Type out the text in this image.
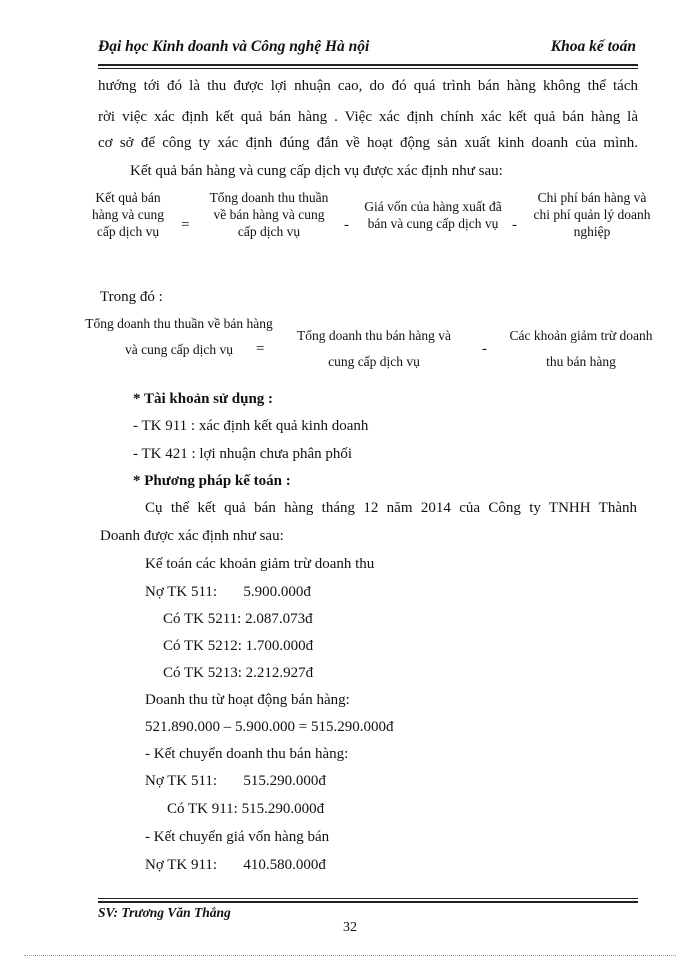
Đại học Kinh doanh và Công nghệ Hà nội	Khoa kế toán
hướng tới đó là thu được lợi nhuận cao, do đó quá trình bán hàng không thể tách
rời việc xác định kết quả bán hàng . Việc xác định chính xác kết quả bán hàng là
cơ sở để công ty xác định đúng đắn về hoạt động sản xuất kinh doanh của mình.
Kết quả bán hàng và cung cấp dịch vụ được xác định như sau:
Kết quả bán hàng và cung cấp dịch vụ	=
Tổng doanh thu thuần về bán hàng và cung cấp dịch vụ	-
Giá vốn của hàng xuất đã bán và cung cấp dịch vụ -
Chi phí bán hàng và chi phí quản lý doanh nghiệp
Trong đó :
Tổng doanh thu thuần về bán hàng và cung cấp dịch vụ	=
Tổng doanh thu bán hàng và cung cấp dịch vụ
-
Các khoản giảm trừ doanh thu bán hàng
* Tài khoản sử dụng :
- TK 911 : xác định kết quả kinh doanh
- TK 421 : lợi nhuận chưa phân phối
* Phương pháp kế toán :
Cụ thể kết quả bán hàng tháng 12 năm 2014 của Công ty TNHH Thành
Doanh được xác định như sau:
Kế toán các khoản giảm trừ doanh thu
Nợ TK 511:       5.900.000đ
Có TK 5211: 2.087.073đ
Có TK 5212: 1.700.000đ
Có TK 5213: 2.212.927đ
Doanh thu từ hoạt động bán hàng:
521.890.000 – 5.900.000 = 515.290.000đ
- Kết chuyển doanh thu bán hàng:
Nợ TK 511:       515.290.000đ
Có TK 911: 515.290.000đ
- Kết chuyển giá vốn hàng bán
Nợ TK 911:       410.580.000đ
SV: Trương Văn Thắng
32
